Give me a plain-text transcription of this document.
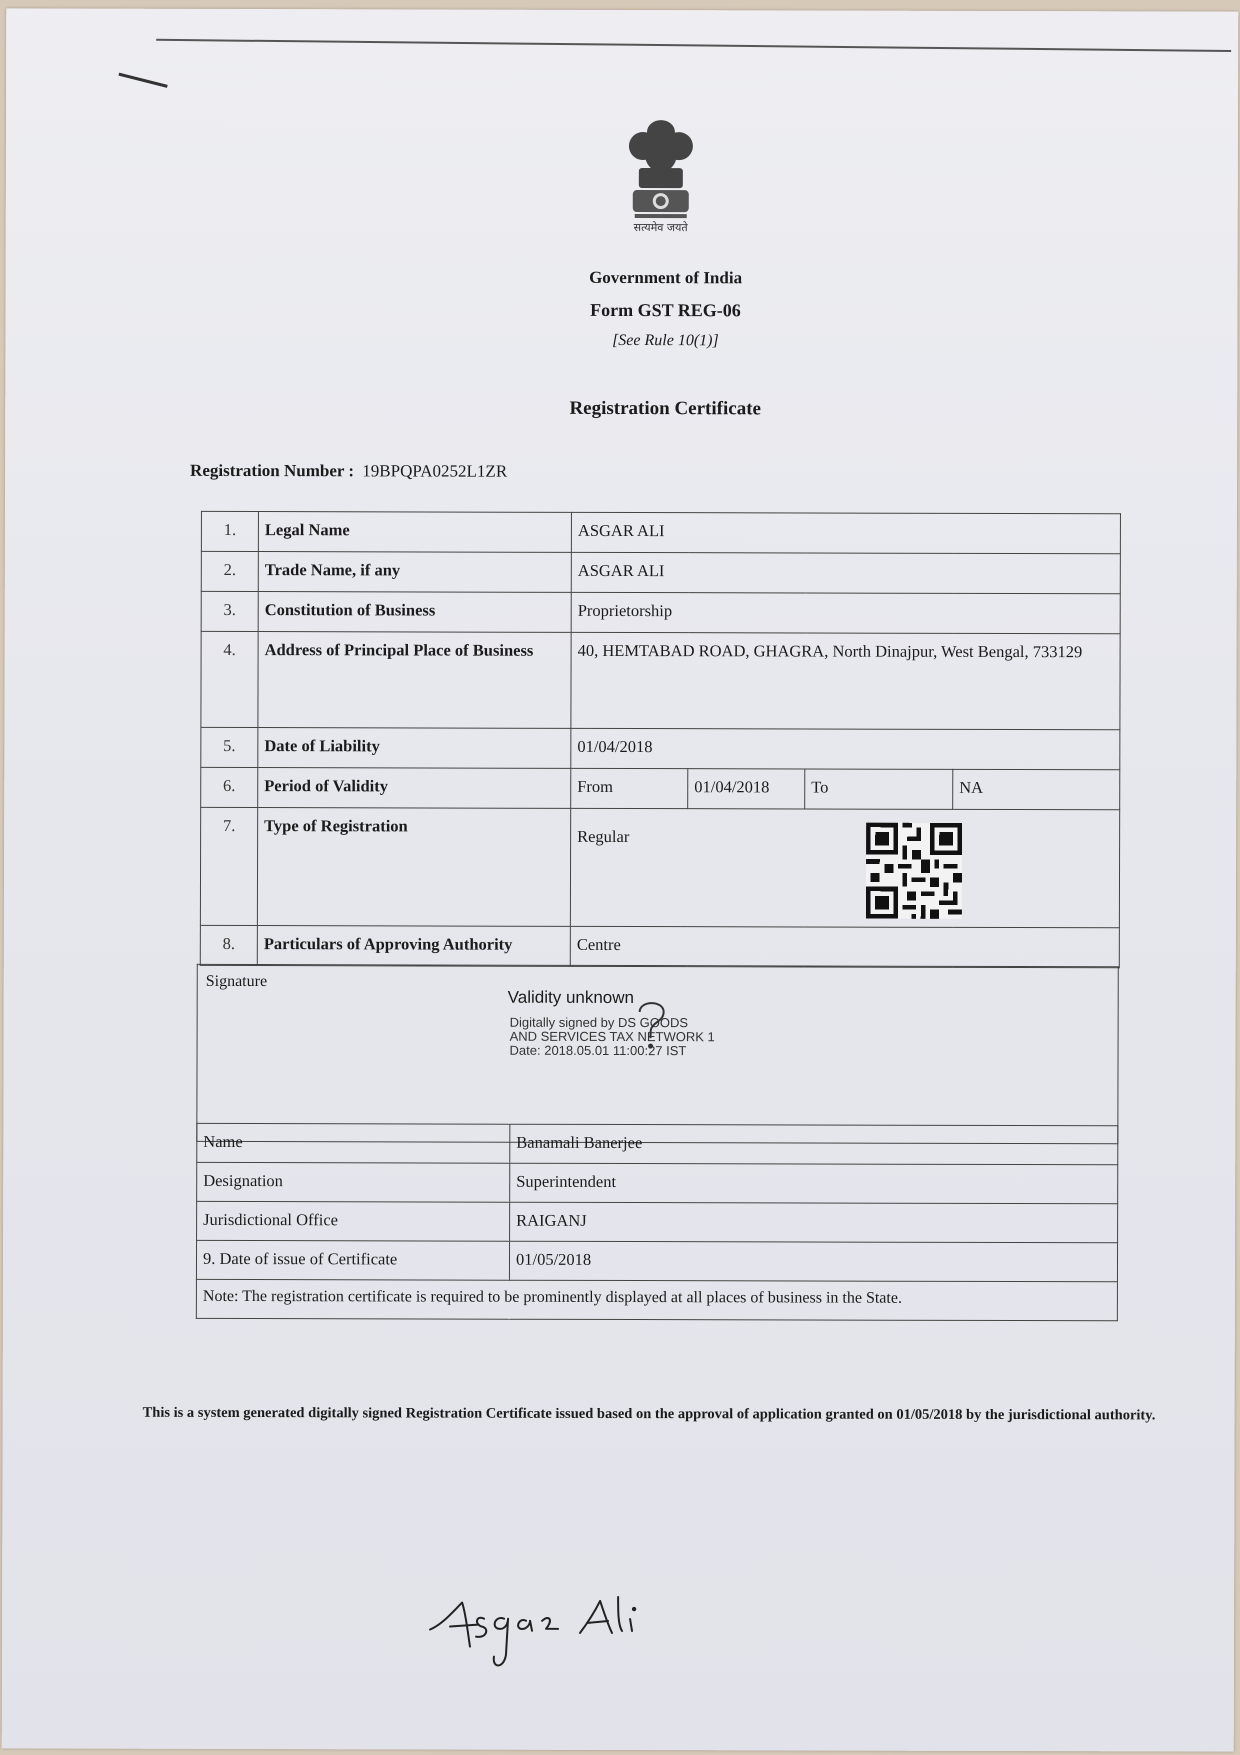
सत्यमेव जयते
Government of India
Form GST REG-06
[See Rule 10(1)]
Registration Certificate
Registration Number : 19BPQPA0252L1ZR
1.	Legal Name	ASGAR ALI			
2.	Trade Name, if any	ASGAR ALI			
3.	Constitution of Business	Proprietorship			
4.	Address of Principal Place of Business	40, HEMTABAD ROAD, GHAGRA, North Dinajpur, West Bengal, 733129			
5.	Date of Liability	01/04/2018			
6.	Period of Validity	From	01/04/2018	To	NA
7.	Type of Registration	Regular			
8.	Particulars of Approving Authority	Centre			
Signature
Validity unknown
Digitally signed by DS GOODS
AND SERVICES TAX NETWORK 1
Date: 2018.05.01 11:00:27 IST
Name	Banamali Banerjee
Designation	Superintendent
Jurisdictional Office	RAIGANJ
9. Date of issue of Certificate	01/05/2018
Note: The registration certificate is required to be prominently displayed at all places of business in the State.	
This is a system generated digitally signed Registration Certificate issued based on the approval of application granted on 01/05/2018 by the jurisdictional authority.
